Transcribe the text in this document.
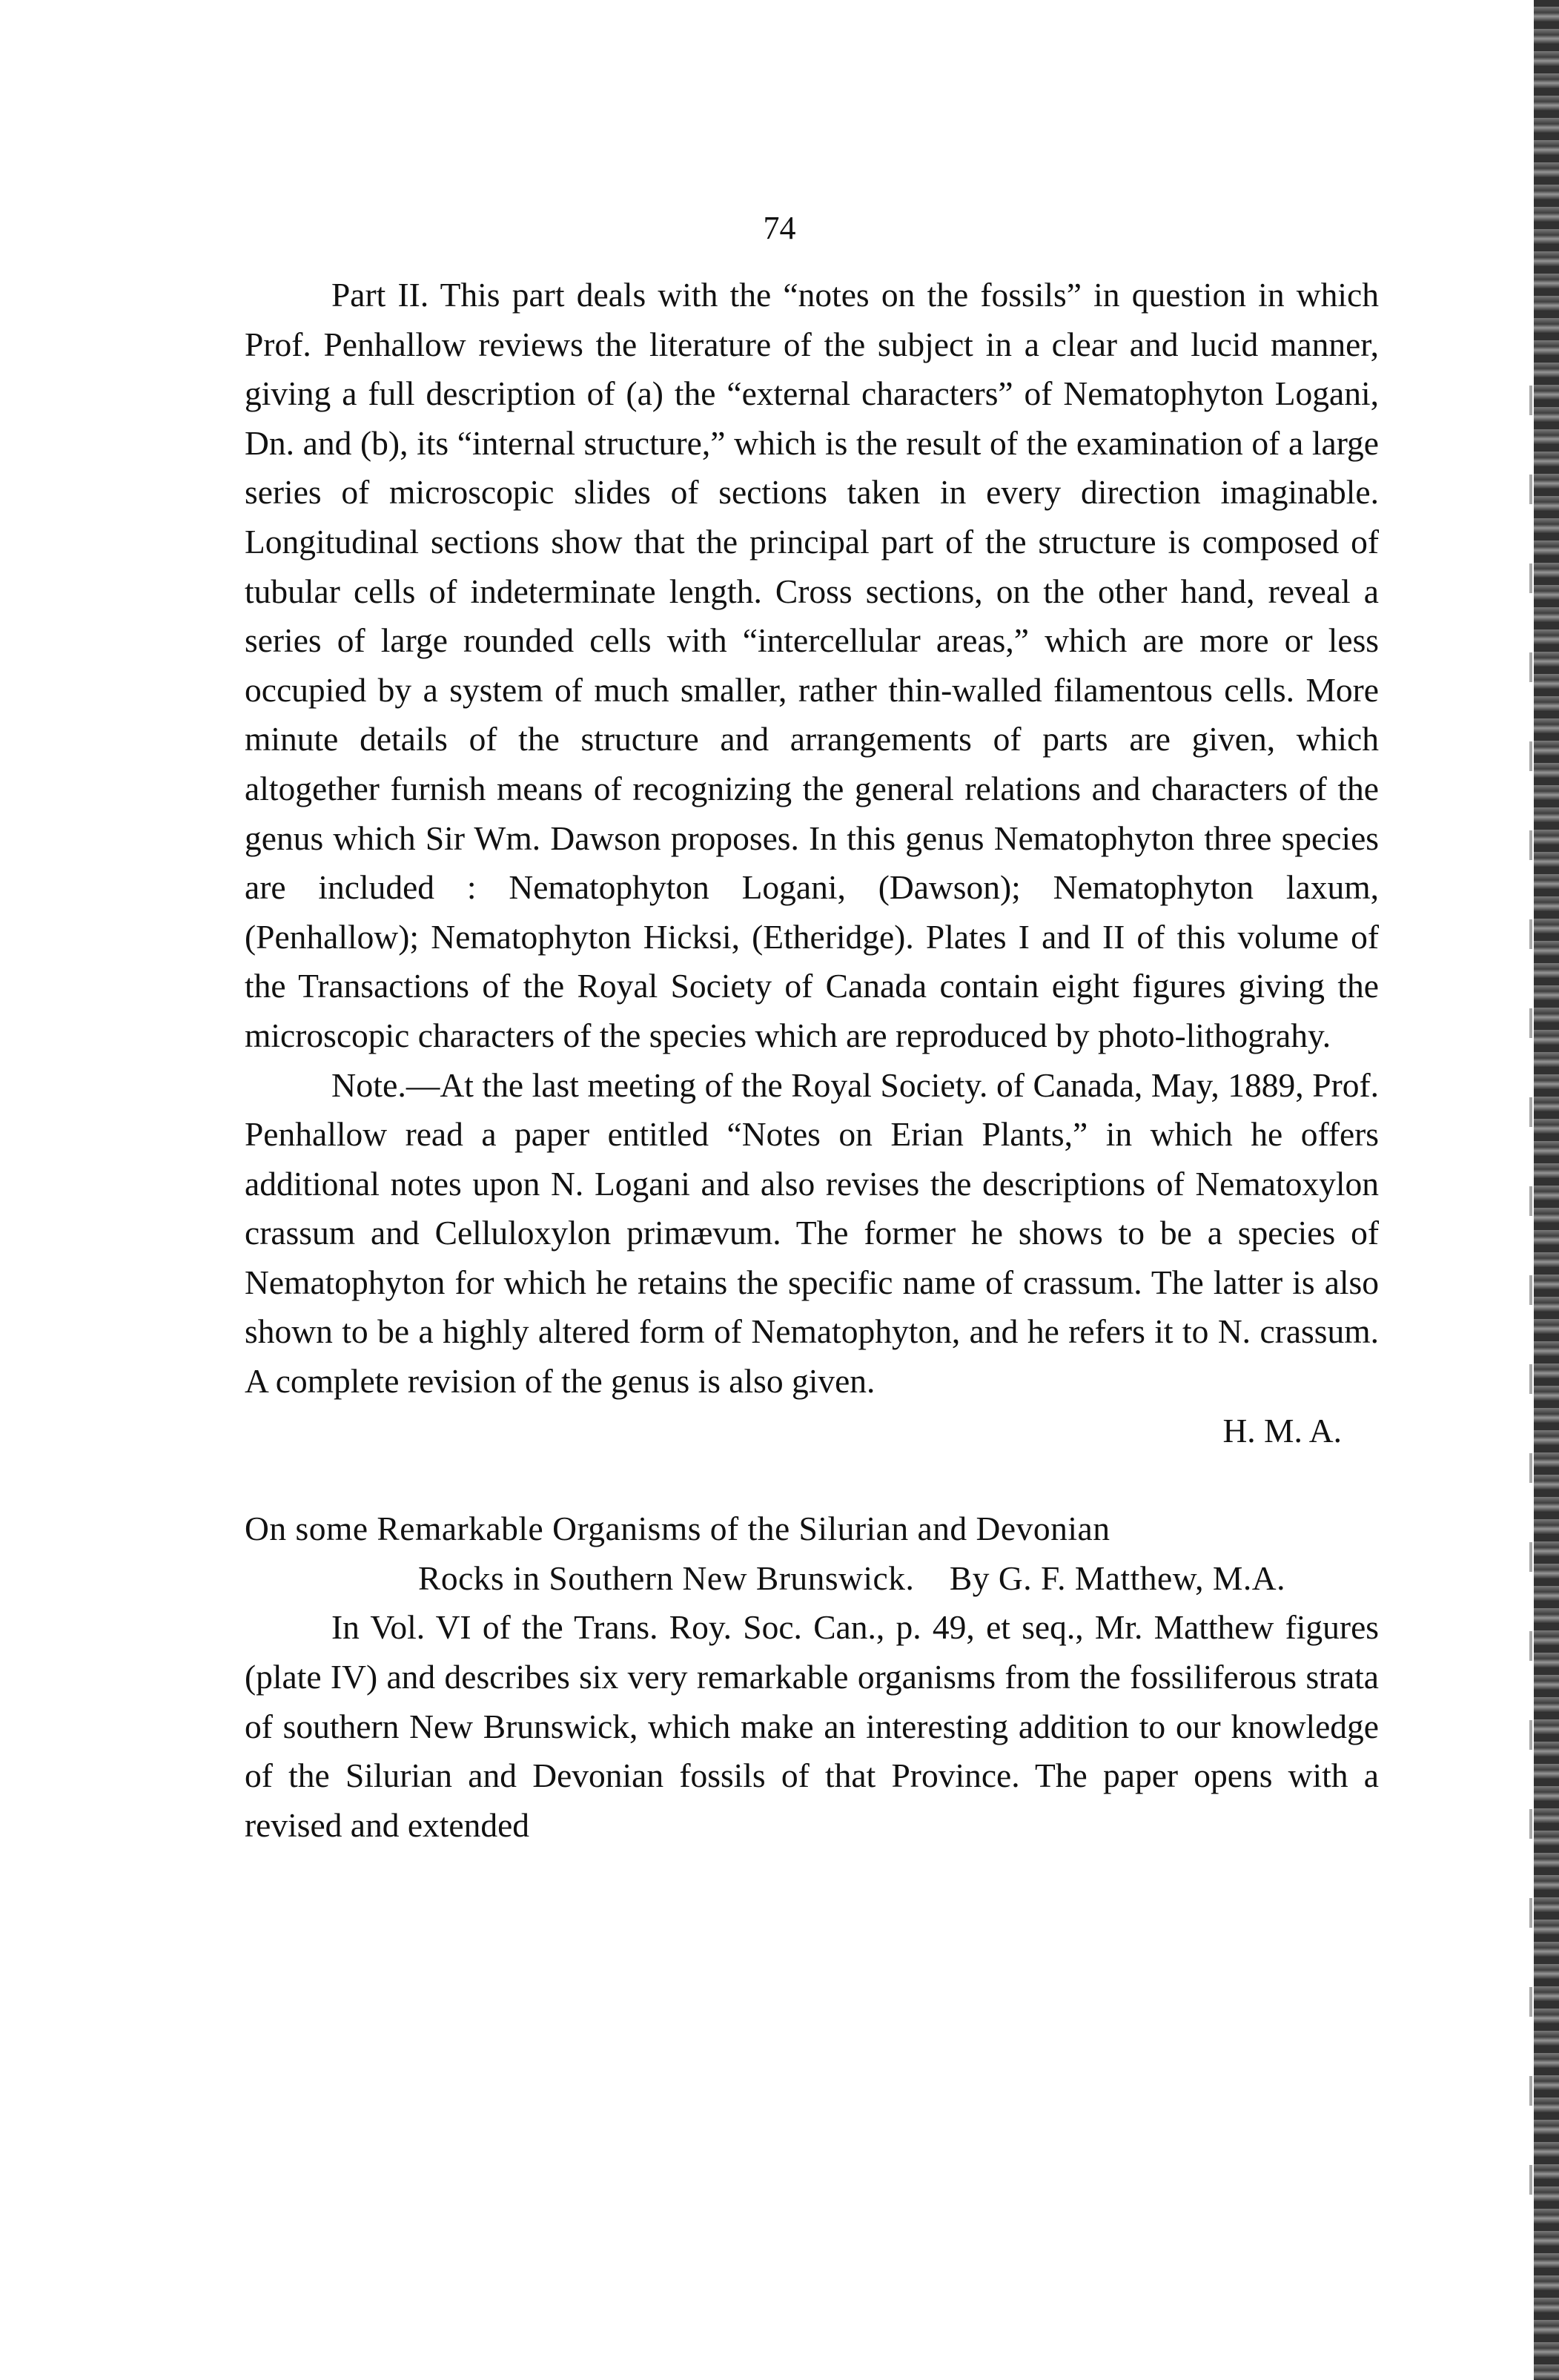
74

Part II. This part deals with the “notes on the fossils” in question in which Prof. Penhallow reviews the literature of the subject in a clear and lucid manner, giving a full description of (a) the “external characters” of Nematophyton Logani, Dn. and (b), its “internal structure,” which is the result of the examination of a large series of microscopic slides of sections taken in every direction imaginable. Longitudinal sections show that the principal part of the structure is composed of tubular cells of indeterminate length. Cross sections, on the other hand, reveal a series of large rounded cells with “intercellular areas,” which are more or less occupied by a system of much smaller, rather thin-walled filamentous cells. More minute details of the structure and arrangements of parts are given, which altogether furnish means of recognizing the general relations and characters of the genus which Sir Wm. Dawson proposes. In this genus Nematophyton three species are included : Nematophyton Logani, (Dawson); Nematophyton laxum, (Penhallow); Nematophyton Hicksi, (Etheridge). Plates I and II of this volume of the Transactions of the Royal Society of Canada contain eight figures giving the microscopic characters of the species which are reproduced by photo-lithograhy.

Note.—At the last meeting of the Royal Society. of Canada, May, 1889, Prof. Penhallow read a paper entitled “Notes on Erian Plants,” in which he offers additional notes upon N. Logani and also revises the descriptions of Nematoxylon crassum and Celluloxylon primævum. The former he shows to be a species of Nematophyton for which he retains the specific name of crassum. The latter is also shown to be a highly altered form of Nematophyton, and he refers it to N. crassum. A complete revision of the genus is also given.

H. M. A.

On some Remarkable Organisms of the Silurian and Devonian
Rocks in Southern New Brunswick. By G. F. Matthew, M.A.

In Vol. VI of the Trans. Roy. Soc. Can., p. 49, et seq., Mr. Matthew figures (plate IV) and describes six very remarkable organisms from the fossiliferous strata of southern New Brunswick, which make an interesting addition to our knowledge of the Silurian and Devonian fossils of that Province. The paper opens with a revised and extended
